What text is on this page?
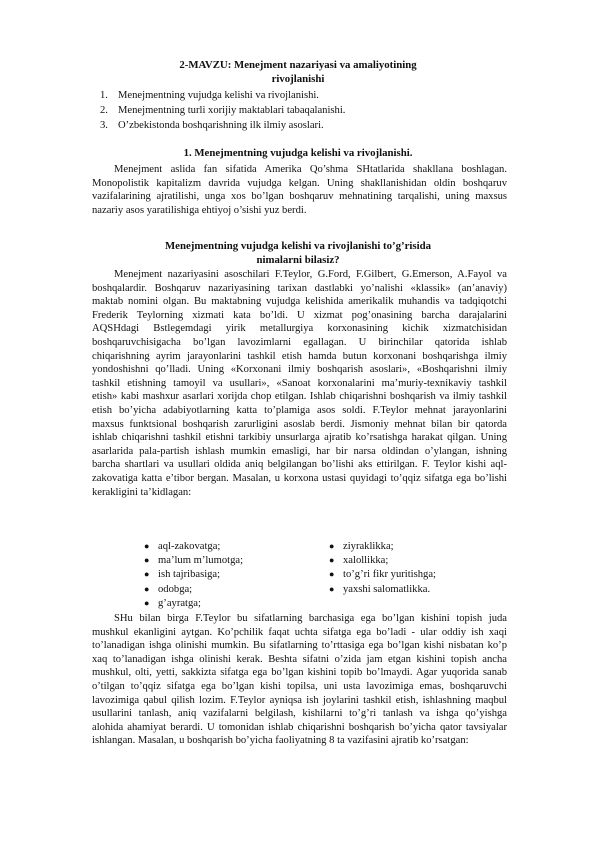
2-MAVZU: Menejment nazariyasi va amaliyotining
rivojlanishi
1. Menejmentning vujudga kelishi va rivojlanishi.
2. Menejmentning turli xorijiy maktablari tabaqalanishi.
3. O’zbekistonda boshqarishning ilk ilmiy asoslari.
1. Menejmentning vujudga kelishi va rivojlanishi.
Menejment aslida fan sifatida Amerika Qo’shma SHtatlarida shakllana boshlagan.
Monopolistik kapitalizm davrida vujudga kelgan. Uning shakllanishidan oldin boshqaruv
vazifalarining ajratilishi, unga xos bo’lgan boshqaruv mehnatining tarqalishi, uning maxsus
nazariy asos yaratilishiga ehtiyoj o’sishi yuz berdi.
Menejmentning vujudga kelishi va rivojlanishi to’g’risida
nimalarni bilasiz?
Menejment nazariyasini asoschilari F.Teylor, G.Ford, F.Gilbert, G.Emerson, A.Fayol va
boshqalardir. Boshqaruv nazariyasining tarixan dastlabki yo’nalishi «klassik» (an’anaviy)
maktab nomini olgan. Bu maktabning vujudga kelishida amerikalik muhandis va tadqiqotchi
Frederik Teylorning xizmati kata bo’ldi. U xizmat pog’onasining barcha darajalarini
AQSHdagi Bstlegemdagi yirik metallurgiya korxonasining kichik xizmatchisidan
boshqaruvchisigacha bo’lgan lavozimlarni egallagan. U birinchilar qatorida ishlab
chiqarishning ayrim jarayonlarini tashkil etish hamda butun korxonani boshqarishga ilmiy
yondoshishni qo’lladi. Uning «Korxonani ilmiy boshqarish asoslari», «Boshqarishni ilmiy
tashkil etishning tamoyil va usullari», «Sanoat korxonalarini ma’muriy-texnikaviy tashkil
etish» kabi mashxur asarlari xorijda chop etilgan. Ishlab chiqarishni boshqarish va ilmiy tashkil
etish bo’yicha adabiyotlarning katta to’plamiga asos soldi. F.Teylor mehnat jarayonlarini
maxsus funktsional boshqarish zarurligini asoslab berdi. Jismoniy mehnat bilan bir qatorda
ishlab chiqarishni tashkil etishni tarkibiy unsurlarga ajratib ko’rsatishga harakat qilgan. Uning
asarlarida pala-partish ishlash mumkin emasligi, har bir narsa oldindan o’ylangan, ishning
barcha shartlari va usullari oldida aniq belgilangan bo’lishi aks ettirilgan. F. Teylor kishi aql-
zakovatiga katta e’tibor bergan. Masalan, u korxona ustasi quyidagi to’qqiz sifatga ega bo’lishi
kerakligini ta’kidlagan:
● aql-zakovatga;
● ma’lum m’lumotga;
● ish tajribasiga;
● odobga;
● g’ayratga;
● ziyraklikka;
● xalollikka;
● to’g’ri fikr yuritishga;
● yaxshi salomatlikka.
SHu bilan birga F.Teylor bu sifatlarning barchasiga ega bo’lgan kishini topish juda
mushkul ekanligini aytgan. Ko’pchilik faqat uchta sifatga ega bo’ladi - ular oddiy ish xaqi
to’lanadigan ishga olinishi mumkin. Bu sifatlarning to’rttasiga ega bo’lgan kishi nisbatan ko’p
xaq to’lanadigan ishga olinishi kerak. Beshta sifatni o’zida jam etgan kishini topish ancha
mushkul, olti, yetti, sakkizta sifatga ega bo’lgan kishini topib bo’lmaydi. Agar yuqorida sanab
o’tilgan to’qqiz sifatga ega bo’lgan kishi topilsa, uni usta lavozimiga emas, boshqaruvchi
lavozimiga qabul qilish lozim. F.Teylor ayniqsa ish joylarini tashkil etish, ishlashning maqbul
usullarini tanlash, aniq vazifalarni belgilash, kishilarni to’g’ri tanlash va ishga qo’yishga
alohida ahamiyat berardi. U tomonidan ishlab chiqarishni boshqarish bo’yicha qator tavsiyalar
ishlangan. Masalan, u boshqarish bo’yicha faoliyatning 8 ta vazifasini ajratib ko’rsatgan:
